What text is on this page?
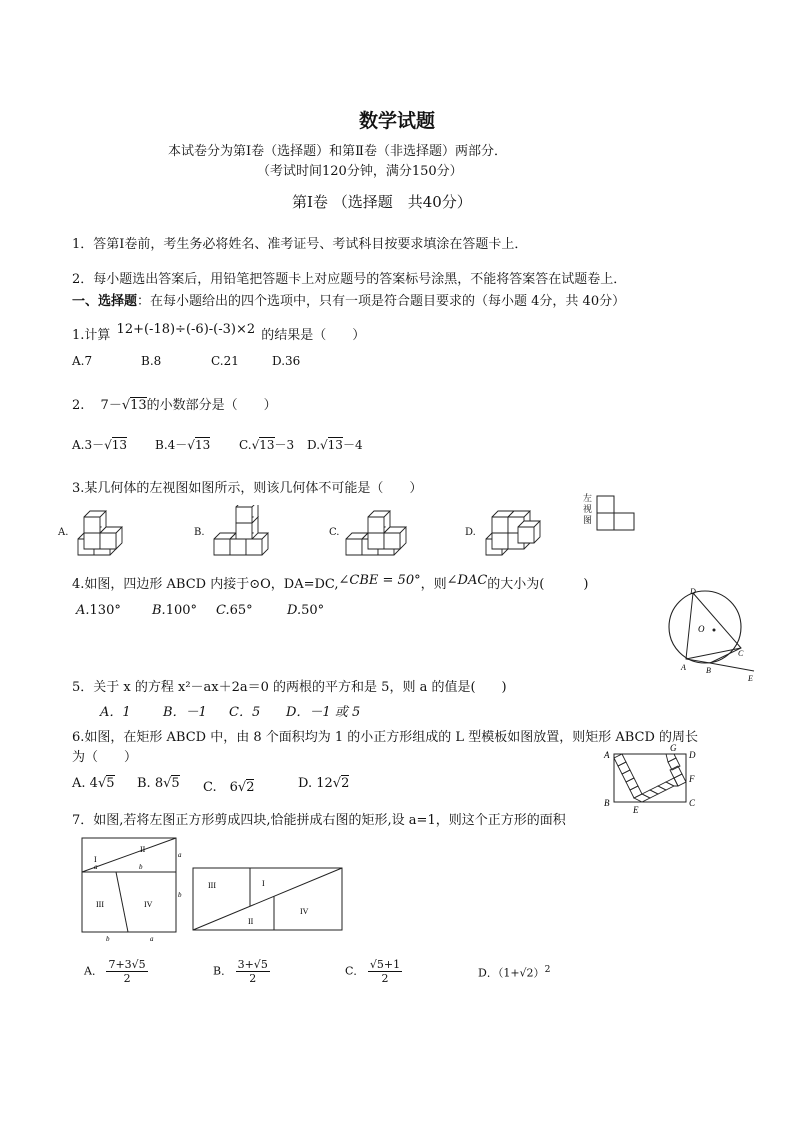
数学试题
本试卷分为第Ⅰ卷（选择题）和第Ⅱ卷（非选择题）两部分．
（考试时间120分钟，满分150分）
第Ⅰ卷 （选择题　共40分）
1．答第Ⅰ卷前，考生务必将姓名、准考证号、考试科目按要求填涂在答题卡上．
2．每小题选出答案后，用铅笔把答题卡上对应题号的答案标号涂黑，不能将答案答在试题卷上．
一、选择题：在每小题给出的四个选项中，只有一项是符合题目要求的（每小题 4分，共 40分）
1.计算 12+(-18)÷(-6)-(-3)×2 的结果是（　　）
A.7	B.8	C.21	D.36
2. 7－√13的小数部分是（　　）
A.3－√13 B.4－√13 C.√13－3 D.√13－4
3.某几何体的左视图如图所示，则该几何体不可能是（　　）
A.	B.	C.	D.
左
视
图
4.如图，四边形 ABCD 内接于⊙O，DA=DC,∠CBE = 50°，则∠DAC的大小为(　　　)
A.130° B.100° C.65°	D.50°
D
O
A	B
C
E
5．关于 x 的方程 x²－ax＋2a＝0 的两根的平方和是 5，则 a 的值是(　　)
A．1 B．－1 C．5 D．－1 或 5
6.如图，在矩形 ABCD 中，由 8 个面积均为 1 的小正方形组成的 L 型模板如图放置，则矩形 ABCD 的周长
为（　　）
A. 4√5 B. 8√5 C.　6√2	D. 12√2
A
B	C
D
E
F
G
7．如图,若将左图正方形剪成四块,恰能拼成右图的矩形,设 a=1，则这个正方形的面积
I
II
III	IV
a	b
a
b
b	a
III	I
II
IV
A． $\frac{7+3√5}{2}$	B． $\frac{3+√5}{2}$	C． $\frac{√5+1}{2}$	D．$(1+√2)^2$
